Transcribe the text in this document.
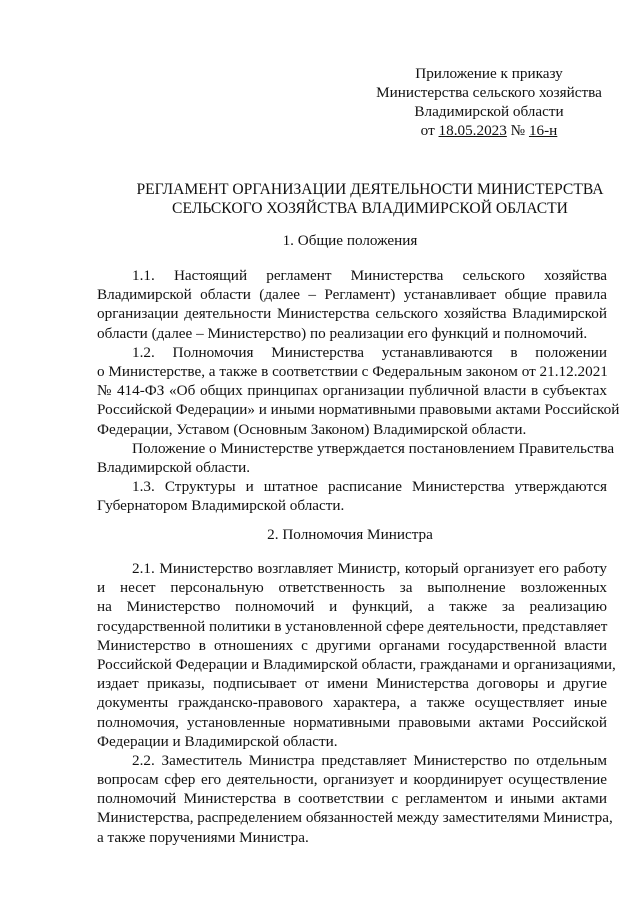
Приложение к приказу
Министерства сельского хозяйства
Владимирской области
от 18.05.2023 № 16-н
РЕГЛАМЕНТ ОРГАНИЗАЦИИ ДЕЯТЕЛЬНОСТИ МИНИСТЕРСТВА
СЕЛЬСКОГО ХОЗЯЙСТВА ВЛАДИМИРСКОЙ ОБЛАСТИ
1. Общие положения
1.1. Настоящий регламент Министерства сельского хозяйства
Владимирской области (далее – Регламент) устанавливает общие правила
организации деятельности Министерства сельского хозяйства Владимирской
области (далее – Министерство) по реализации его функций и полномочий.
1.2. Полномочия Министерства устанавливаются в положении
о Министерстве, а также в соответствии с Федеральным законом от 21.12.2021
№ 414-ФЗ «Об общих принципах организации публичной власти в субъектах
Российской Федерации» и иными нормативными правовыми актами Российской
Федерации, Уставом (Основным Законом) Владимирской области.
Положение о Министерстве утверждается постановлением Правительства
Владимирской области.
1.3. Структуры и штатное расписание Министерства утверждаются
Губернатором Владимирской области.
2. Полномочия Министра
2.1. Министерство возглавляет Министр, который организует его работу
и несет персональную ответственность за выполнение возложенных
на Министерство полномочий и функций, а также за реализацию
государственной политики в установленной сфере деятельности, представляет
Министерство в отношениях с другими органами государственной власти
Российской Федерации и Владимирской области, гражданами и организациями,
издает приказы, подписывает от имени Министерства договоры и другие
документы гражданско-правового характера, а также осуществляет иные
полномочия, установленные нормативными правовыми актами Российской
Федерации и Владимирской области.
2.2. Заместитель Министра представляет Министерство по отдельным
вопросам сфер его деятельности, организует и координирует осуществление
полномочий Министерства в соответствии с регламентом и иными актами
Министерства, распределением обязанностей между заместителями Министра,
а также поручениями Министра.
